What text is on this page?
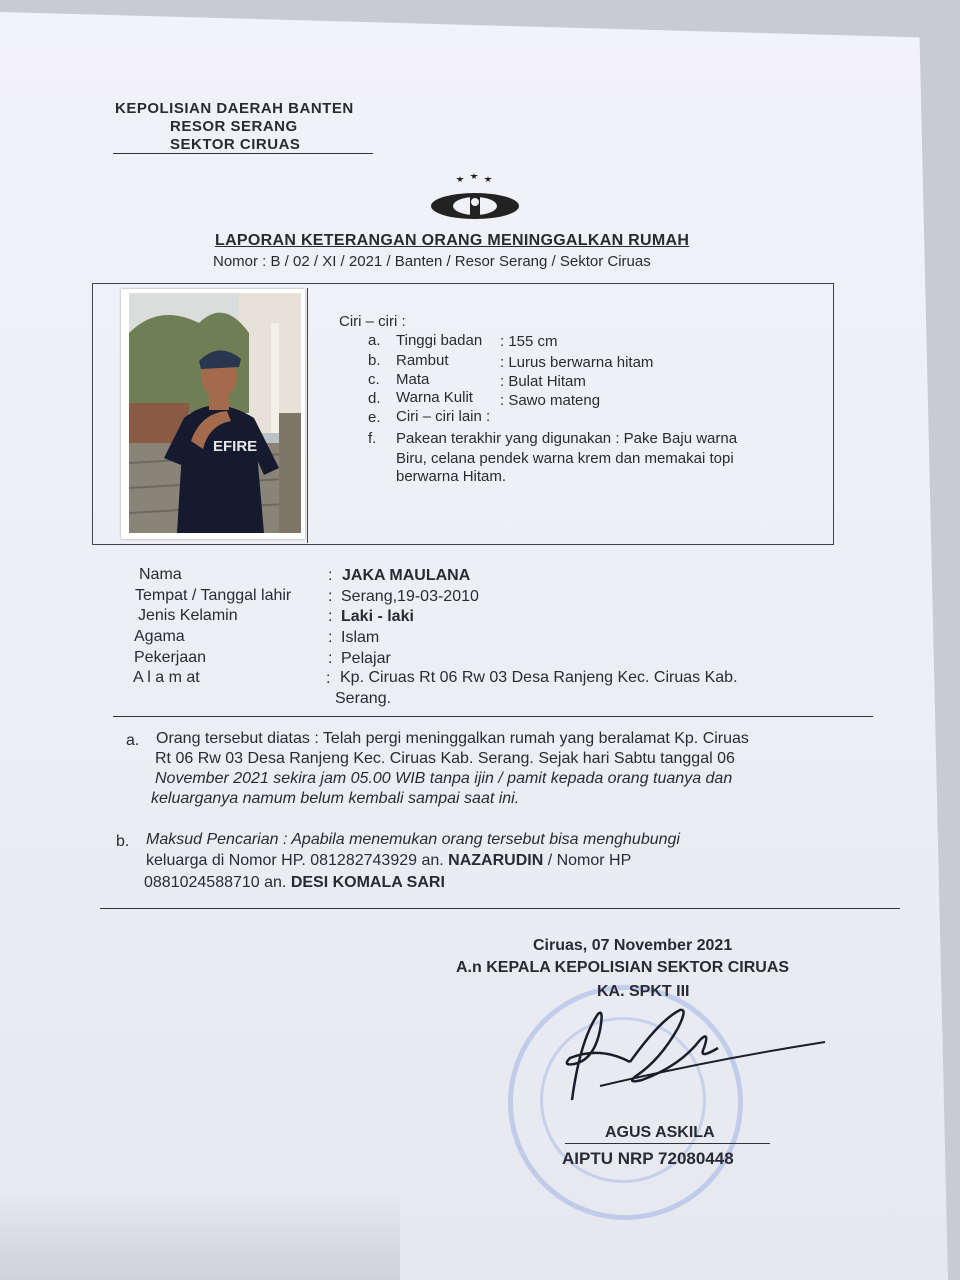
KEPOLISIAN DAERAH BANTEN
RESOR SERANG
SEKTOR CIRUAS
LAPORAN KETERANGAN ORANG MENINGGALKAN RUMAH
Nomor : B / 02 / XI / 2021 / Banten / Resor Serang / Sektor Ciruas
EFIRE
Ciri – ciri :
a. Tinggi badan : 155 cm
b. Rambut	: Lurus berwarna hitam
c. Mata	: Bulat Hitam
d. Warna Kulit : Sawo mateng
e. Ciri – ciri lain :
f. Pakean terakhir yang digunakan : Pake Baju warna
Biru, celana pendek warna krem dan memakai topi
berwarna Hitam.
Nama
Tempat / Tanggal lahir
Jenis Kelamin
Agama
Pekerjaan
A l a m at
:
:
:
:
:
:
JAKA MAULANA
Serang,19-03-2010
Laki - laki
Islam
Pelajar
Kp. Ciruas Rt 06 Rw 03 Desa Ranjeng Kec. Ciruas Kab.
Serang.
a. Orang tersebut diatas : Telah pergi meninggalkan rumah yang beralamat Kp. Ciruas
Rt 06 Rw 03 Desa Ranjeng Kec. Ciruas Kab. Serang. Sejak hari Sabtu tanggal 06
November 2021 sekira jam 05.00 WIB tanpa ijin / pamit kepada orang tuanya dan
keluarganya namum belum kembali sampai saat ini.
b. Maksud Pencarian : Apabila menemukan orang tersebut bisa menghubungi
keluarga di Nomor HP. 081282743929 an. NAZARUDIN / Nomor HP
0881024588710 an. DESI KOMALA SARI
Ciruas, 07 November 2021
A.n KEPALA KEPOLISIAN SEKTOR CIRUAS
KA. SPKT III
AGUS ASKILA
AIPTU NRP 72080448
